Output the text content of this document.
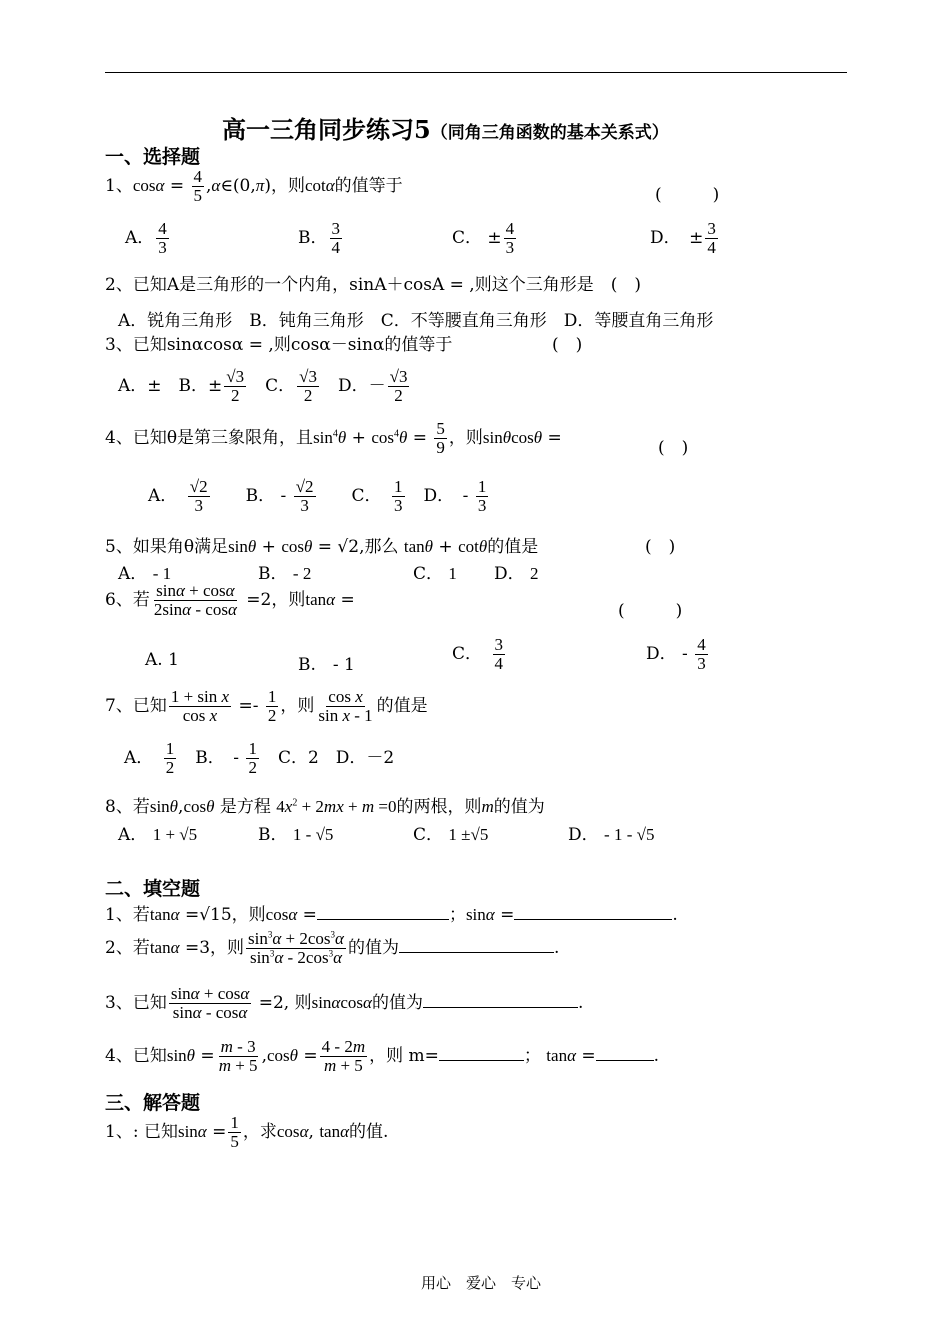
高一三角同步练习5（同角三角函数的基本关系式）
一、选择题
1、$\cos\alpha = \frac{4}{5}$ ,α∈(0,π)，则cotα的值等于	(　　　)
A． $\frac{4}{3}$	B． $\frac{3}{4}$	C． ± $\frac{4}{3}$	D．　± $\frac{3}{4}$
2、已知A是三角形的一个内角，sinA＋cosA = ,则这个三角形是　(　)
A．锐角三角形　B．钝角三角形　C．不等腰直角三角形　D．等腰直角三角形
3、已知sinαcosα = ,则cosα－sinα的值等于	(　)
A．±　 B．± $\frac{√3}{2}$
　 C． $\frac{√3}{2}$
　 D．－ $\frac{√3}{2}$
4、已知θ是第三象限角，且$\sin^4\theta + \cos^4\theta = \frac{5}{9}$ ，则sinθcosθ =　
(　)
A．　 $\frac{√2}{3}$
　　 B． - $\frac{√2}{3}$
　　 C．　 $\frac{1}{3}$
　 D．　- $\frac{1}{3}$
5、如果角θ满足sinθ + cosθ = √2,那么 tanθ + cotθ的值是	(　)
A． - 1	B． - 2	C． 1 D． 2
6、若 $\frac{\sin\alpha + \cos\alpha}{2\sin\alpha - \cos\alpha} =2$，则tanα =
(　　　)
A. 1	B.　- 1
C．　 $\frac{3}{4}$	D． - $\frac{4}{3}$
7、已知 $\frac{\text{1 + sin x}}{\text{cos x}} =- \frac{1}{2}$ ，则 $\frac{\text{cos x}}{\text{sin x - 1}}$ 的值是
A．　 $\frac{1}{2}$
　 B．　- $\frac{1}{2}$
　 C．2　 D．－2
8、若sinθ,cosθ 是方程 $4x^2 + 2mx + m =0$的两根，则m的值为
A． 1 + √5	B． 1 - √5	C． 1 ±√5	D． - 1 - √5
二、填空题
1、若tanα =√15，则cosα =	；sinα =	.
2、若tanα =3，则 $\frac{\sin^3\alpha + 2\cos^3\alpha}{\sin^3\alpha - 2\cos^3\alpha}$ 的值为	.
3、已知 $\frac{\sin\alpha + \cos\alpha}{\sin\alpha - \cos\alpha} =2$, 则sinαcosα的值为	.
4、已知$\sin\theta = \frac{m - 3}{m + 5} ,\cos\theta = \frac{4 - 2m}{m + 5}$ ，则 m=	； tanα =	.
三、解答题
1、: 已知$\sin\alpha = \frac{1}{5}$ ，求cosα, tanα的值.
用心　爱心　专心
